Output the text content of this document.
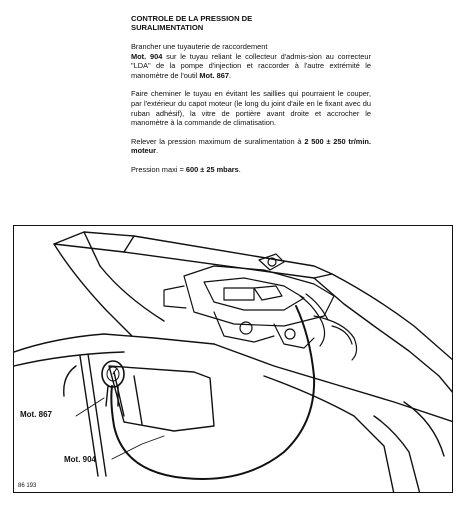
CONTROLE DE LA PRESSION DE
SURALIMENTATION

Brancher une tuyauterie de raccordement
Mot. 904 sur le tuyau reliant le collecteur d'admis-sion au correcteur "LDA" de la pompe d'injection et raccorder à l'autre extrémité le manomètre de l'outil Mot. 867.

Faire cheminer le tuyau en évitant les saillies qui pourraient le couper, par l'extérieur du capot moteur (le long du joint d'aile en le fixant avec du ruban adhésif), la vitre de portière avant droite et accrocher le manomètre à la commande de climatisation.

Relever la pression maximum de suralimentation à 2 500 ± 250 tr/min. moteur.

Pression maxi = 600 ± 25 mbars.

Mot. 867
Mot. 904
86 193
